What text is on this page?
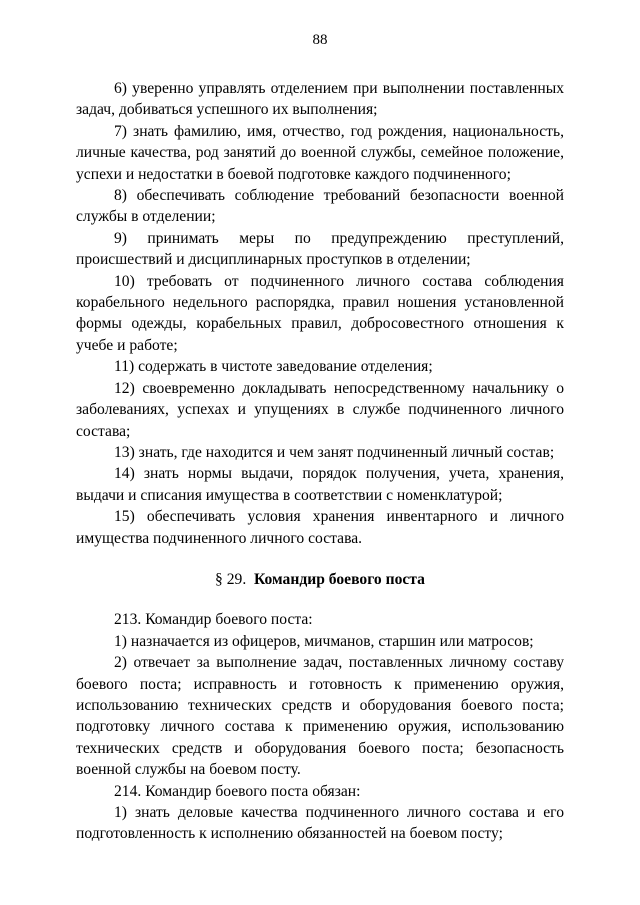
88

6) уверенно управлять отделением при выполнении поставленных задач, добиваться успешного их выполнения;

7) знать фамилию, имя, отчество, год рождения, национальность, личные качества, род занятий до военной службы, семейное положение, успехи и недостатки в боевой подготовке каждого подчиненного;

8) обеспечивать соблюдение требований безопасности военной службы в отделении;

9) принимать меры по предупреждению преступлений, происшествий и дисциплинарных проступков в отделении;

10) требовать от подчиненного личного состава соблюдения корабельного недельного распорядка, правил ношения установленной формы одежды, корабельных правил, добросовестного отношения к учебе и работе;

11) содержать в чистоте заведование отделения;

12) своевременно докладывать непосредственному начальнику о заболеваниях, успехах и упущениях в службе подчиненного личного состава;

13) знать, где находится и чем занят подчиненный личный состав;

14) знать нормы выдачи, порядок получения, учета, хранения, выдачи и списания имущества в соответствии с номенклатурой;

15) обеспечивать условия хранения инвентарного и личного имущества подчиненного личного состава.

§ 29. Командир боевого поста

213. Командир боевого поста:

1) назначается из офицеров, мичманов, старшин или матросов;

2) отвечает за выполнение задач, поставленных личному составу боевого поста; исправность и готовность к применению оружия, использованию технических средств и оборудования боевого поста; подготовку личного состава к применению оружия, использованию технических средств и оборудования боевого поста; безопасность военной службы на боевом посту.

214. Командир боевого поста обязан:

1) знать деловые качества подчиненного личного состава и его подготовленность к исполнению обязанностей на боевом посту;
